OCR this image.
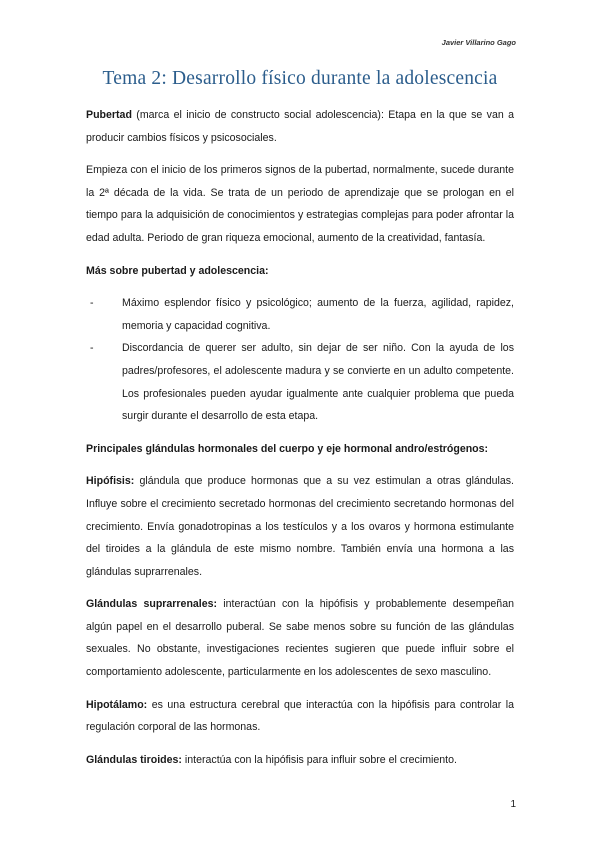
Javier Villarino Gago
Tema 2: Desarrollo físico durante la adolescencia

Pubertad (marca el inicio de constructo social adolescencia): Etapa en la que se van a producir cambios físicos y psicosociales.

Empieza con el inicio de los primeros signos de la pubertad, normalmente, sucede durante la 2ª década de la vida. Se trata de un periodo de aprendizaje que se prologan en el tiempo para la adquisición de conocimientos y estrategias complejas para poder afrontar la edad adulta. Periodo de gran riqueza emocional, aumento de la creatividad, fantasía.

Más sobre pubertad y adolescencia:

-	Máximo esplendor físico y psicológico; aumento de la fuerza, agilidad, rapidez, memoria y capacidad cognitiva.
-	Discordancia de querer ser adulto, sin dejar de ser niño. Con la ayuda de los padres/profesores, el adolescente madura y se convierte en un adulto competente. Los profesionales pueden ayudar igualmente ante cualquier problema que pueda surgir durante el desarrollo de esta etapa.

Principales glándulas hormonales del cuerpo y eje hormonal andro/estrógenos:

Hipófisis: glándula que produce hormonas que a su vez estimulan a otras glándulas. Influye sobre el crecimiento secretado hormonas del crecimiento secretando hormonas del crecimiento. Envía gonadotropinas a los testículos y a los ovaros y hormona estimulante del tiroides a la glándula de este mismo nombre. También envía una hormona a las glándulas suprarrenales.

Glándulas suprarrenales: interactúan con la hipófisis y probablemente desempeñan algún papel en el desarrollo puberal. Se sabe menos sobre su función de las glándulas sexuales. No obstante, investigaciones recientes sugieren que puede influir sobre el comportamiento adolescente, particularmente en los adolescentes de sexo masculino.

Hipotálamo: es una estructura cerebral que interactúa con la hipófisis para controlar la regulación corporal de las hormonas.

Glándulas tiroides: interactúa con la hipófisis para influir sobre el crecimiento.

1
